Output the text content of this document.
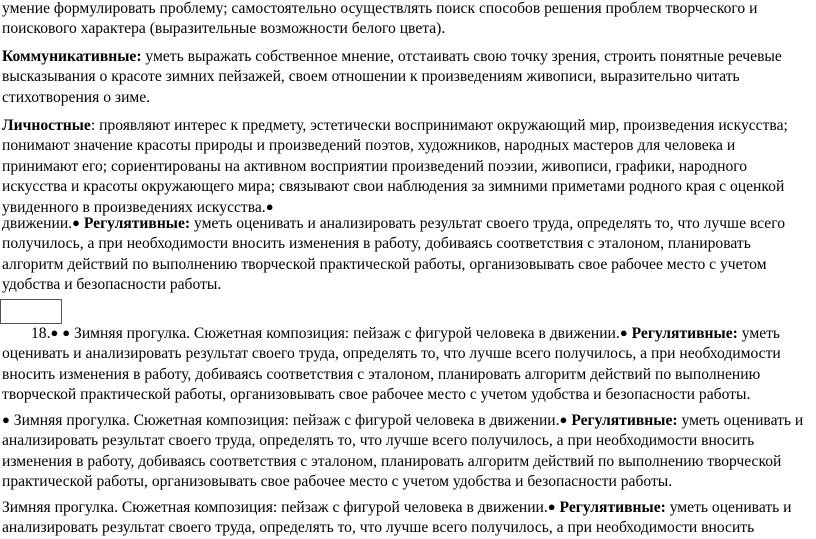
умение формулировать проблему; самостоятельно осуществлять поиск способов решения проблем творческого и
поискового характера (выразительные возможности белого цвета).
Коммуникативные: уметь выражать собственное мнение, отстаивать свою точку зрения, строить понятные речевые
высказывания о красоте зимних пейзажей, своем отношении к произведениям живописи, выразительно читать
стихотворения о зиме.
Личностные: проявляют интерес к предмету, эстетически воспринимают окружающий мир, произведения искусства;
понимают значение красоты природы и произведений поэтов, художников, народных мастеров для человека и
принимают его; сориентированы на активном восприятии произведений поэзии, живописи, графики, народного
искусства и красоты окружающего мира; связывают свои наблюдения за зимними приметами родного края с оценкой
увиденного в произведениях искусства.●
движении.● Регулятивные: уметь оценивать и анализировать результат своего труда, определять то, что лучше всего
получилось, а при необходимости вносить изменения в работу, добиваясь соответствия с эталоном, планировать
алгоритм действий по выполнению творческой практической работы, организовывать свое рабочее место с учетом
удобства и безопасности работы.
18.● ● Зимняя прогулка. Сюжетная композиция: пейзаж с фигурой человека в движении.● Регулятивные: уметь
оценивать и анализировать результат своего труда, определять то, что лучше всего получилось, а при необходимости
вносить изменения в работу, добиваясь соответствия с эталоном, планировать алгоритм действий по выполнению
творческой практической работы, организовывать свое рабочее место с учетом удобства и безопасности работы.
● Зимняя прогулка. Сюжетная композиция: пейзаж с фигурой человека в движении.● Регулятивные: уметь оценивать и
анализировать результат своего труда, определять то, что лучше всего получилось, а при необходимости вносить
изменения в работу, добиваясь соответствия с эталоном, планировать алгоритм действий по выполнению творческой
практической работы, организовывать свое рабочее место с учетом удобства и безопасности работы.
Зимняя прогулка. Сюжетная композиция: пейзаж с фигурой человека в движении.● Регулятивные: уметь оценивать и
анализировать результат своего труда, определять то, что лучше всего получилось, а при необходимости вносить
